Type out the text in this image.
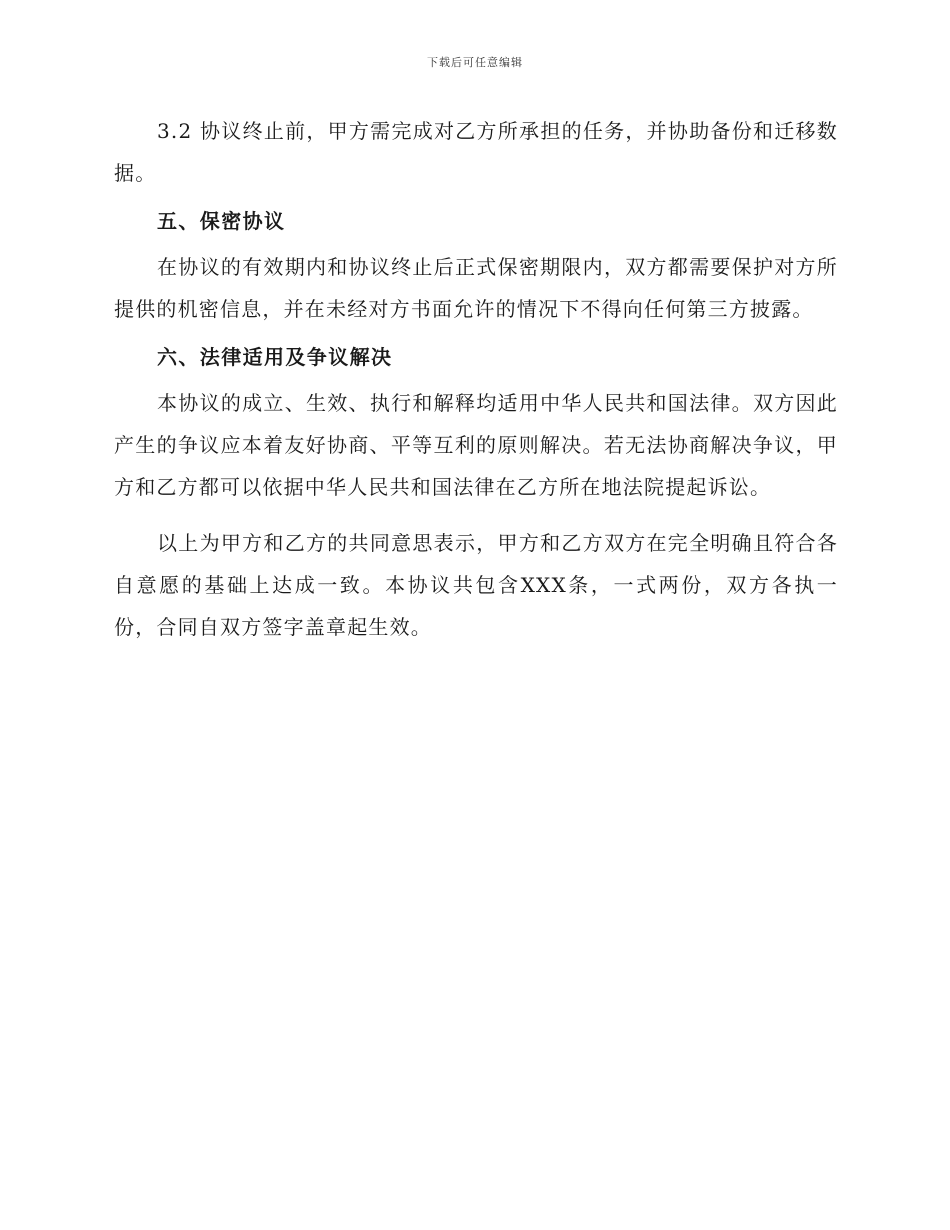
下载后可任意编辑

3.2 协议终止前，甲方需完成对乙方所承担的任务，并协助备份和迁移数据。

五、保密协议

在协议的有效期内和协议终止后正式保密期限内，双方都需要保护对方所提供的机密信息，并在未经对方书面允许的情况下不得向任何第三方披露。

六、法律适用及争议解决

本协议的成立、生效、执行和解释均适用中华人民共和国法律。双方因此产生的争议应本着友好协商、平等互利的原则解决。若无法协商解决争议，甲方和乙方都可以依据中华人民共和国法律在乙方所在地法院提起诉讼。

以上为甲方和乙方的共同意思表示，甲方和乙方双方在完全明确且符合各自意愿的基础上达成一致。本协议共包含XXX条，一式两份，双方各执一份，合同自双方签字盖章起生效。
